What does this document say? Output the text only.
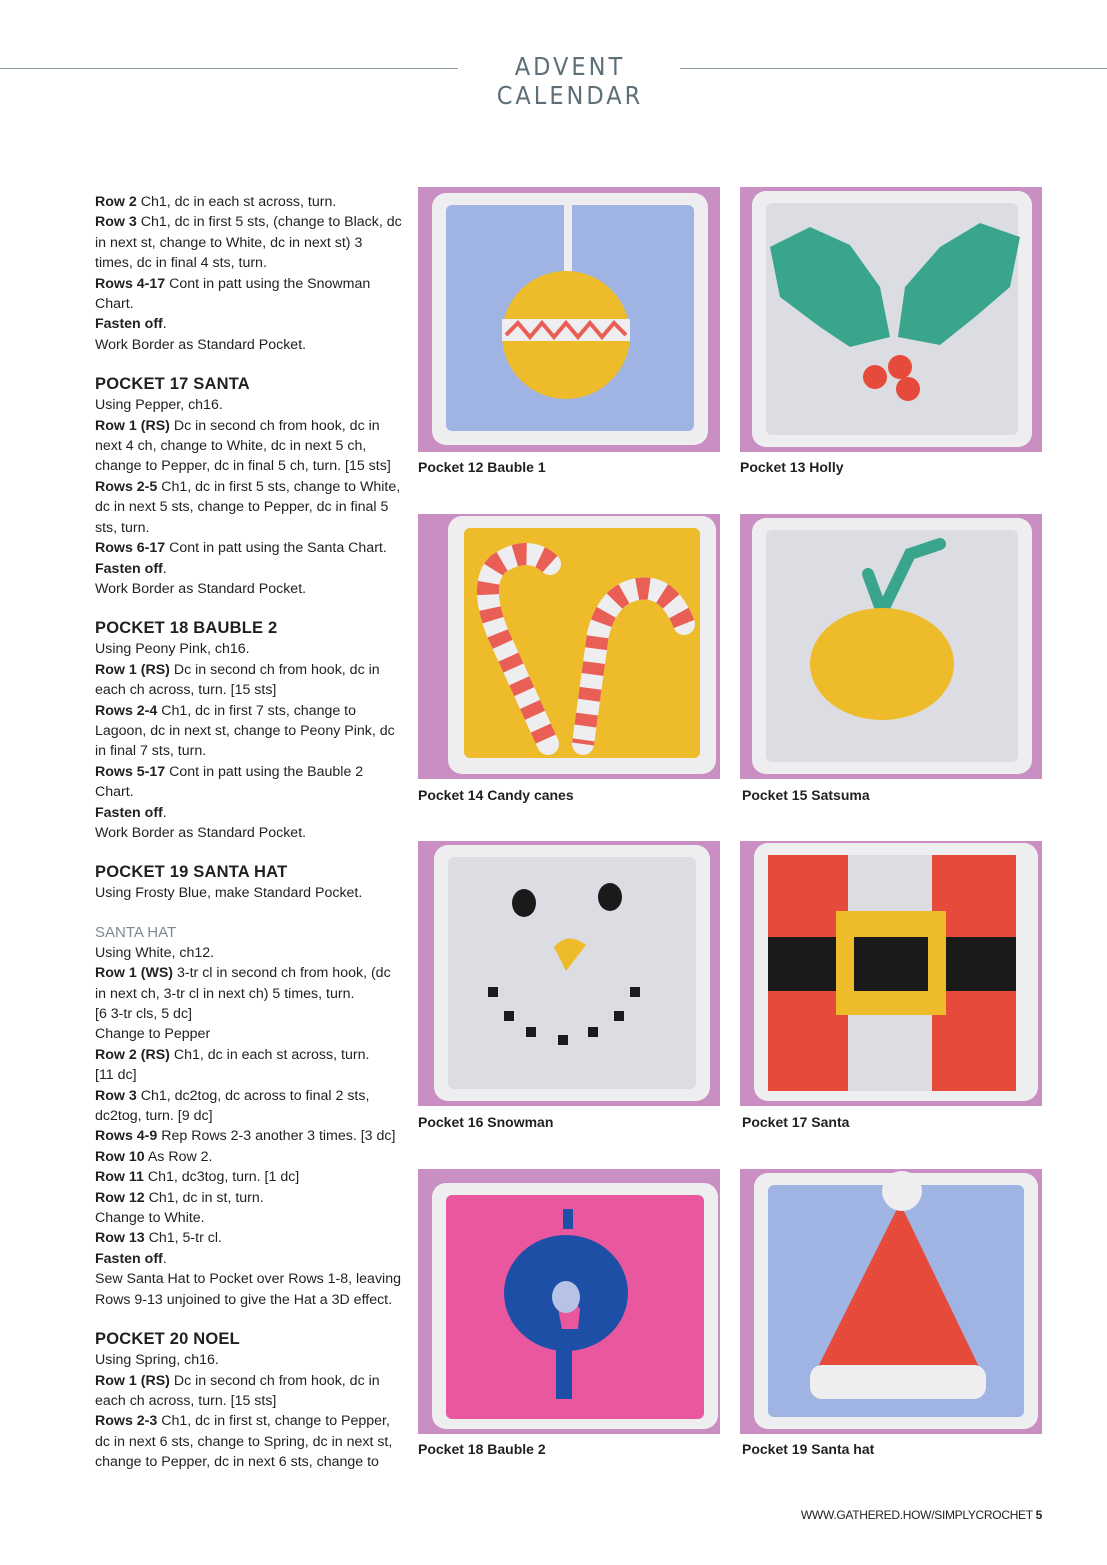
ADVENT CALENDAR
Row 2 Ch1, dc in each st across, turn.
Row 3 Ch1, dc in first 5 sts, (change to Black, dc
in next st, change to White, dc in next st) 3
times, dc in final 4 sts, turn.
Rows 4-17 Cont in patt using the Snowman
Chart.
Fasten off.
Work Border as Standard Pocket.
POCKET 17 SANTA
Using Pepper, ch16.
Row 1 (RS) Dc in second ch from hook, dc in
next 4 ch, change to White, dc in next 5 ch,
change to Pepper, dc in final 5 ch, turn. [15 sts]
Rows 2-5 Ch1, dc in first 5 sts, change to White,
dc in next 5 sts, change to Pepper, dc in final 5
sts, turn.
Rows 6-17 Cont in patt using the Santa Chart.
Fasten off.
Work Border as Standard Pocket.
POCKET 18 BAUBLE 2
Using Peony Pink, ch16.
Row 1 (RS) Dc in second ch from hook, dc in
each ch across, turn. [15 sts]
Rows 2-4 Ch1, dc in first 7 sts, change to
Lagoon, dc in next st, change to Peony Pink, dc
in final 7 sts, turn.
Rows 5-17 Cont in patt using the Bauble 2
Chart.
Fasten off.
Work Border as Standard Pocket.
POCKET 19 SANTA HAT
Using Frosty Blue, make Standard Pocket.
SANTA HAT
Using White, ch12.
Row 1 (WS) 3-tr cl in second ch from hook, (dc
in next ch, 3-tr cl in next ch) 5 times, turn.
[6 3-tr cls, 5 dc]
Change to Pepper
Row 2 (RS) Ch1, dc in each st across, turn.
[11 dc]
Row 3 Ch1, dc2tog, dc across to final 2 sts,
dc2tog, turn. [9 dc]
Rows 4-9 Rep Rows 2-3 another 3 times. [3 dc]
Row 10 As Row 2.
Row 11 Ch1, dc3tog, turn. [1 dc]
Row 12 Ch1, dc in st, turn.
Change to White.
Row 13 Ch1, 5-tr cl.
Fasten off.
Sew Santa Hat to Pocket over Rows 1-8, leaving
Rows 9-13 unjoined to give the Hat a 3D effect.
POCKET 20 NOEL
Using Spring, ch16.
Row 1 (RS) Dc in second ch from hook, dc in
each ch across, turn. [15 sts]
Rows 2-3 Ch1, dc in first st, change to Pepper,
dc in next 6 sts, change to Spring, dc in next st,
change to Pepper, dc in next 6 sts, change to
Pocket 12 Bauble 1	Pocket 13 Holly
Pocket 14 Candy canes	Pocket 15 Satsuma
Pocket 16 Snowman	Pocket 17 Santa
Pocket 18 Bauble 2	Pocket 19 Santa hat
WWW.GATHERED.HOW/SIMPLYCROCHET 5
